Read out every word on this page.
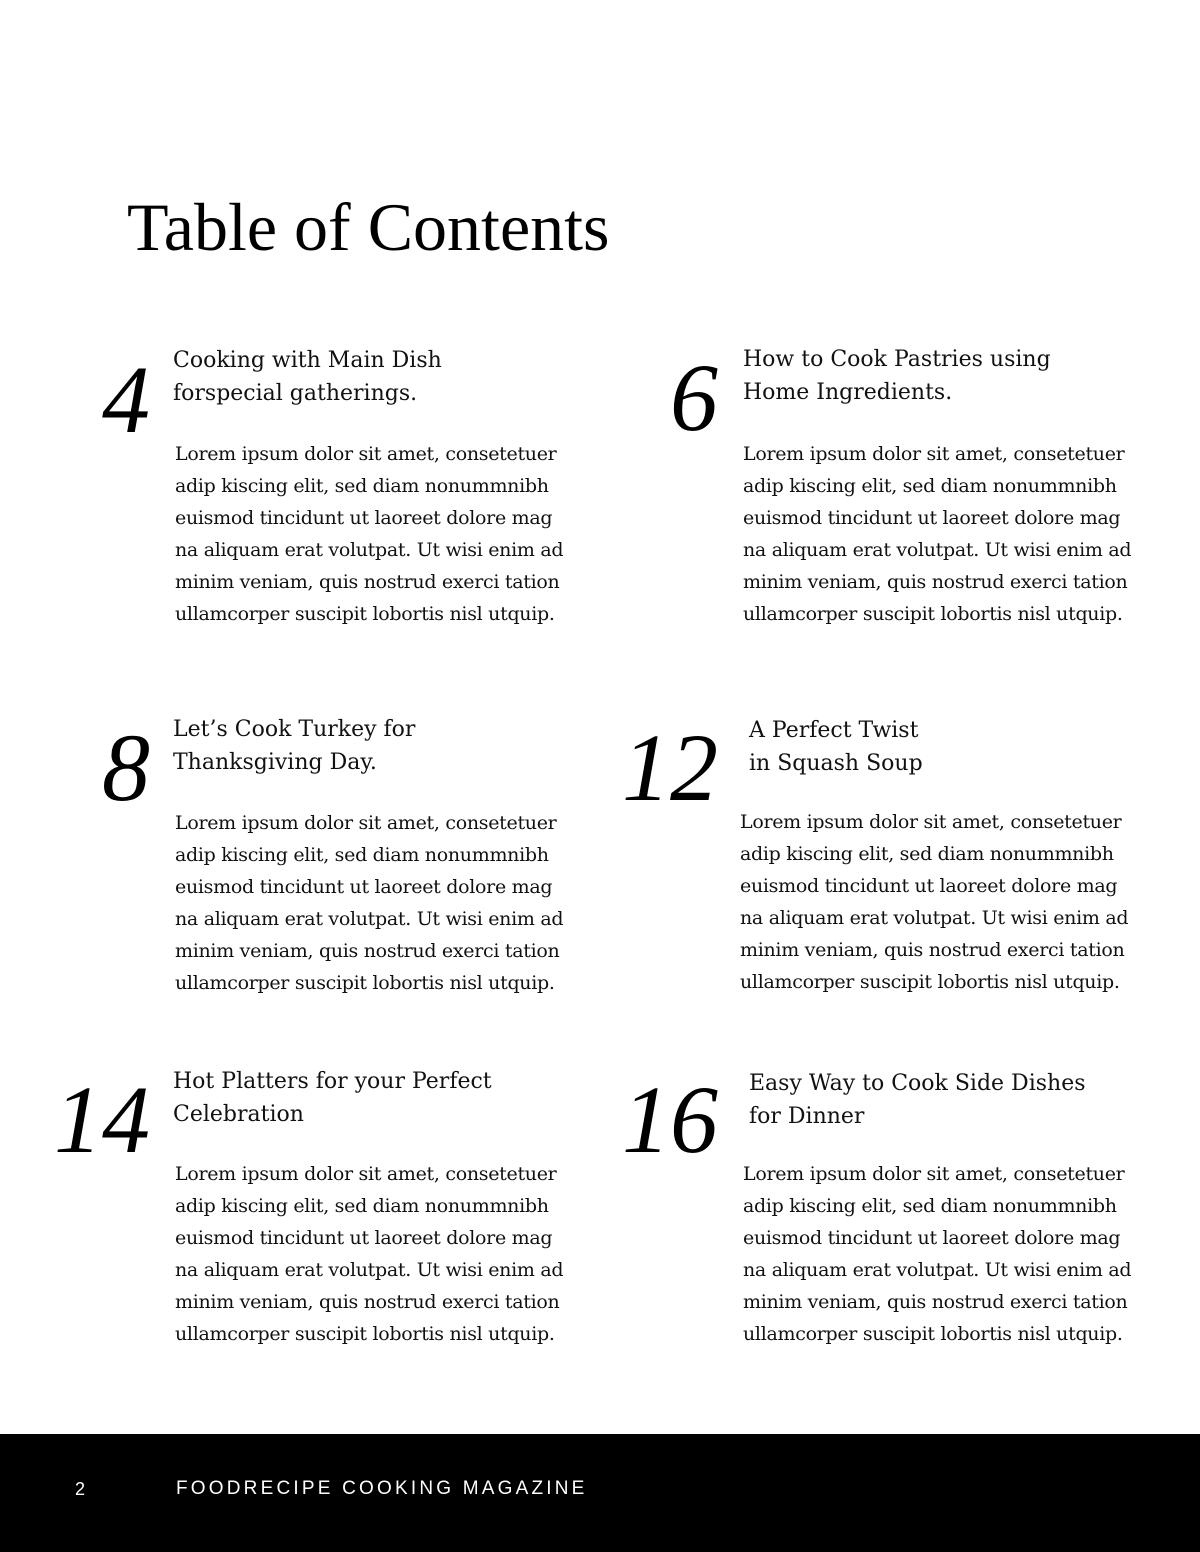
Table of Contents
4 Cooking with Main Dish
forspecial gatherings.

Lorem ipsum dolor sit amet, consetetuer
adip kiscing elit, sed diam nonummnibh
euismod tincidunt ut laoreet dolore mag
na aliquam erat volutpat. Ut wisi enim ad
minim veniam, quis nostrud exerci tation
ullamcorper suscipit lobortis nisl utquip.

6 How to Cook Pastries using
Home Ingredients.

Lorem ipsum dolor sit amet, consetetuer
adip kiscing elit, sed diam nonummnibh
euismod tincidunt ut laoreet dolore mag
na aliquam erat volutpat. Ut wisi enim ad
minim veniam, quis nostrud exerci tation
ullamcorper suscipit lobortis nisl utquip.

8 Let’s Cook Turkey for
Thanksgiving Day.

Lorem ipsum dolor sit amet, consetetuer
adip kiscing elit, sed diam nonummnibh
euismod tincidunt ut laoreet dolore mag
na aliquam erat volutpat. Ut wisi enim ad
minim veniam, quis nostrud exerci tation
ullamcorper suscipit lobortis nisl utquip.

12 A Perfect Twist
in Squash Soup

Lorem ipsum dolor sit amet, consetetuer
adip kiscing elit, sed diam nonummnibh
euismod tincidunt ut laoreet dolore mag
na aliquam erat volutpat. Ut wisi enim ad
minim veniam, quis nostrud exerci tation
ullamcorper suscipit lobortis nisl utquip.

14 Hot Platters for your Perfect
Celebration

Lorem ipsum dolor sit amet, consetetuer
adip kiscing elit, sed diam nonummnibh
euismod tincidunt ut laoreet dolore mag
na aliquam erat volutpat. Ut wisi enim ad
minim veniam, quis nostrud exerci tation
ullamcorper suscipit lobortis nisl utquip.

16 Easy Way to Cook Side Dishes
for Dinner

Lorem ipsum dolor sit amet, consetetuer
adip kiscing elit, sed diam nonummnibh
euismod tincidunt ut laoreet dolore mag
na aliquam erat volutpat. Ut wisi enim ad
minim veniam, quis nostrud exerci tation
ullamcorper suscipit lobortis nisl utquip.

2	FOODRECIPE COOKING MAGAZINE
